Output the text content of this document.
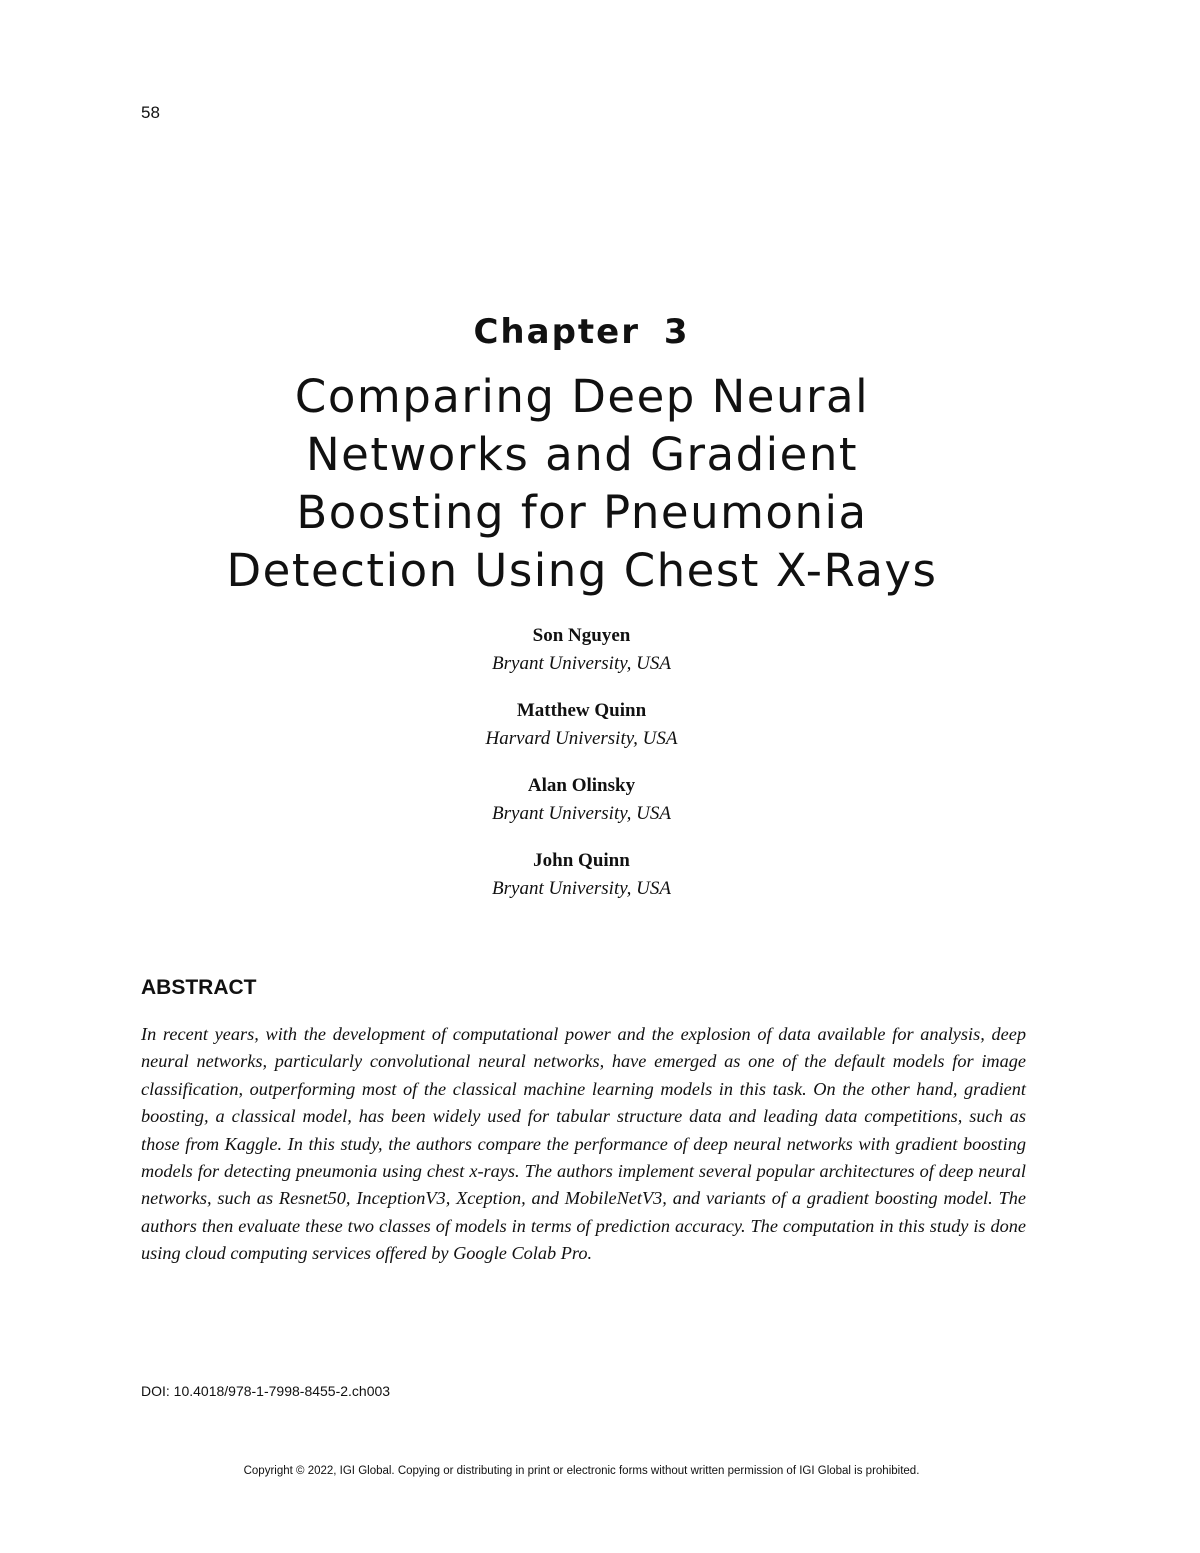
58
Chapter 3
Comparing Deep Neural
Networks and Gradient
Boosting for Pneumonia
Detection Using Chest X-Rays
Son Nguyen
Bryant University, USA
Matthew Quinn
Harvard University, USA
Alan Olinsky
Bryant University, USA
John Quinn
Bryant University, USA
ABSTRACT

In recent years, with the development of computational power and the explosion of data available for analysis, deep neural networks, particularly convolutional neural networks, have emerged as one of the default models for image classification, outperforming most of the classical machine learning models in this task. On the other hand, gradient boosting, a classical model, has been widely used for tabular structure data and leading data competitions, such as those from Kaggle. In this study, the authors compare the performance of deep neural networks with gradient boosting models for detecting pneumonia using chest x-rays. The authors implement several popular architectures of deep neural networks, such as Resnet50, InceptionV3, Xception, and MobileNetV3, and variants of a gradient boosting model. The authors then evaluate these two classes of models in terms of prediction accuracy. The computation in this study is done using cloud computing services offered by Google Colab Pro.

DOI: 10.4018/978-1-7998-8455-2.ch003
Copyright © 2022, IGI Global. Copying or distributing in print or electronic forms without written permission of IGI Global is prohibited.
